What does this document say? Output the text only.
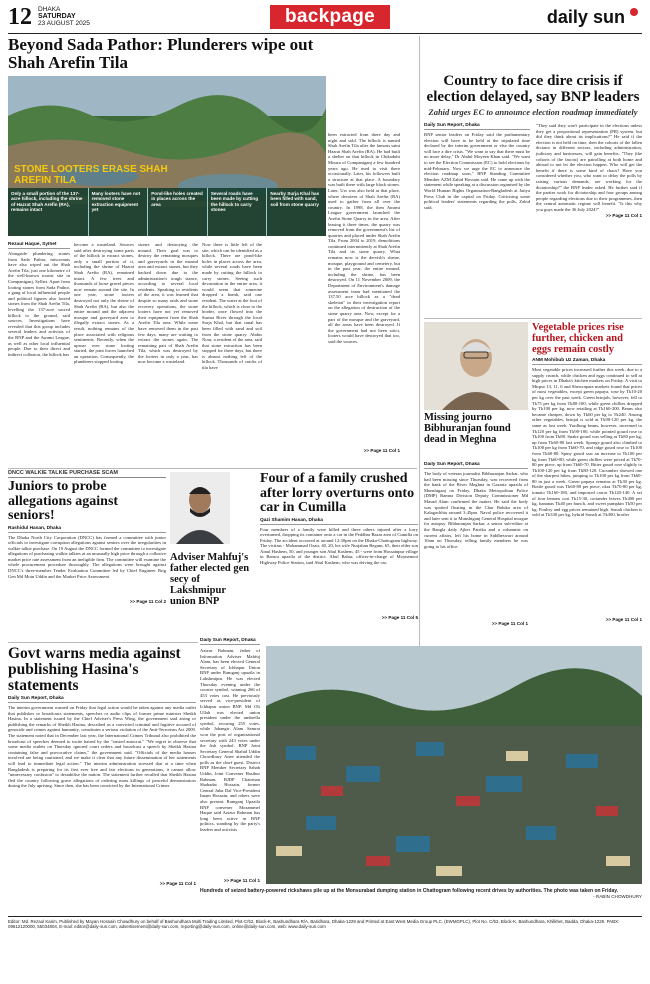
12 DHAKA
SATURDAY
23 AUGUST 2025	backpage	daily sun
Beyond Sada Pathor: Plunderers wipe out Shah Arefin Tila
STONE LOOTERS ERASE SHAH AREFIN TILA
Only a small portion of the 137-acre hillock, including the shrine of Hazrat Shah Arefin (RA), remains intact
Many looters have not removed stone extraction equipment yet
Pond-like holes created in places across the area
Several roads have been made by cutting the hillock to carry stones
Nearby Surja Khal has been filled with sand, soil from stone quarry
Rezaul Haque, Sylhet
Alongside plundering stones from Sada Pathor, miscreants have also wiped out the Shah Arefin Tila, just one kilometre of the well-known tourist site in Companiganj, Sylhet. Apart from looting stones from Sada Pathor, a gang of local influential people and political figures also looted stones from the Shah Arefin Tila, levelling the 137-acre sacred hillock to the ground, said sources. Investigations have revealed that this group includes several leaders and activists of the BNP and the Awami League, as well as other local influential people. Due to their direct and indirect collusion, the hillock has
become a wasteland. Sources said after destroying some parts of the hillock to extract stones, only a small portion of it, including the shrine of Hazrat Shah Arefin (RA), remained intact. A few trees and thousands of loose gravel pieces now remain around the site. In one year, stone looters destroyed not only the shrine of Shah Arefin (RA), but also the entire mound and the adjacent mosque and graveyard area to illegally extract stones. As a result, nothing remains of the place associated with religious sentiments. Recently, when the uproar over stone looting started, the joint forces launched an operation. Consequently, the plunderers stopped looting
stones and destroying the mound. Their goal was to destroy the remaining mosques and graveyards in the mound area and extract stones, but they backed down due to the administration's tough stance, according to several local residents. Speaking to residents of the area, it was learned that despite so many raids and stone recovery operations, the stone looters have not yet removed their equipment from the Shah Arefin Tila area. While some have removed them in the past few days, many are waiting to extract the stones again. The remaining part of Shah Arefin Tila, which was destroyed by the looters in only a year, has now become a wasteland.
Now there is little left of the site, which can be identified as a hillock. There are pond-like holes in places across the area, while several roads have been made by cutting the hillock to carry stones. Seeing such devastation in the entire area, it would seem that someone dropped a bomb, said one resident. The water at the foot of the hillock, which is close to the border, once flowed into the Surma River through the local Surja Khal, but that canal has been filled with sand and soil from the stone quarry. Abdus Nour, a resident of the area, said that stone extraction has been stopped for three days, but there is almost nothing left of the hillock. Thousands of cracks of tila have
been extracted from there day and night and sold. The hillock is named Shah Arefin Tila after the famous saint Hazrat Shah Arefin (RA). He had built a shelter on that hillock in Chikadubi Mouza of Companiganj a few hundred years ago. He used to visit there occasionally. Later, his followers built a structure at that place. A boundary was built there with large black stones. Later, Urs was also held at that place, where devotees of Shah Arefin (RA) used to gather from all over the country. In 1998, the then Awami League government launched the Arefin Stone Quarry in the area. After leasing it three times, the quarry was removed from the government's list of quarries and placed under Shah Arefin Tila. From 2004 to 2019, demolitions continued intermittently at Shah Arefin Tila and its stone quarry. What remains now is the dervish's shrine, mosque, playground and cemetery, but in the past year, the entire mound, including the shrine, has been destroyed. On 11 November 2009, the Department of Environment's damage assessment team had mentioned the 137.50 acre hillock as a "dead skeleton" in their investigation report on the allegation of destruction of the stone quarry area. Now, except for a part of the mosque and the graveyard, all the areas have been destroyed. If the government had not been strict, looters would have destroyed that too, said the sources.
>> Page 11 Col 1
Country to face dire crisis if election delayed, say BNP leaders
Zahid urges EC to announce election roadmap immediately
Daily Sun Report, Dhaka
BNP senior leaders on Friday said the parliamentary election will have to be held at the stipulated time declared by the interim government or else the country will face a dire crisis. "We want to say that there must be no more delay," Dr Abdul Moyeen Khan said. "We want to see the Election Commission (EC) to hold elections by mid-February. Now we urge the EC to announce the election roadmap soon," BNP Standing Committee Member AZM Zahid Hossain said. He came up with the statement while speaking at a discussion organised by the World Human Rights Organisation-Bangladesh at Jatiya Press Club in the capital on Friday. Criticising some political leaders' statements regarding the polls, Zahid said,
"They said they won't participate in the elections unless they get a proportional representation (PR) system, but did they think about its implications?" He said if the election is not held on time, then the cohorts of the fallen dictator in different sectors, including administration, judiciary and businesses, will gain benefits. "They (the cohorts of the fascist) are patrolling at both home and abroad to not let the election happen. Who will get the benefit if there is some kind of chaos? Have you considered whether you, who want to delay the polls by raising various demands, are working for the dictatorship?" the BNP leader asked. He further said if the parties work for dictatorship and four groups among people regarding elections due to their programmes, then the central automatic regime will benefit. "Is this why you guys made the 36 July 2024?"
>> Page 11 Col 1
Missing journo Bibhuranjan found dead in Meghna
Daily Sun Report, Dhaka
The body of veteran journalist Bibhuranjan Sarkar, who had been missing since Thursday, was recovered from the bank of the River Meghna in Gazaria upazila of Munshiganj on Friday. Dhaka Metropolitan Police (DMP) Ramna Division Deputy Commissioner Md Masud Alam confirmed the matter. He said the body was spotted floating in the Char Baluka area of Kalagachhia around 3.45pm. Naval police recovered it and later sent it to Munshiganj General Hospital morgue for autopsy. Bibhuranjan Sarkar, a senior sub-editor at the Bangla daily Ajker Patrika and a columnist on current affairs, left his home in Siddheswari around 10am on Thursday, telling family members he was going to his office.
>> Page 11 Col 1
Vegetable prices rise further, chicken and eggs remain costly
ANM Mohibub Uz Zaman, Dhaka
Most vegetable prices increased further this week, due to a supply crunch, while chicken and eggs continued to sell at high prices in Dhaka's kitchen markets on Friday. A visit to Mirpur 13, 11, 6 and Shewrapara markets found that prices of most vegetables, except green papaya, rose by Tk10-20 per kg over the past week. Green brinjals, however, fell to Tk75 per kg from Tk80-100, while green chillies dropped by Tk100 per kg, now retailing at Tk160-200. Beans also became cheaper, down by Tk60 per kg to Tk240. Among other vegetables, brinjal is sold at Tk90-120 per kg, the same as last week. Yardlong beans, however, increased to Tk120 per kg from Tk90-100, while pointed gourd rose to Tk100 from Tk80. Snake gourd was selling at Tk80 per kg, up from Tk60-80 last week. Sponge gourd also climbed to Tk100 per kg from Tk60-70, and ridge gourd rose to Tk100 from Tk60-80. Spiny gourd saw an increase to Tk100 per kg from Tk60-80, while green chillies were priced at Tk70-80 per piece, up from Tk60-70. Bitter gourd rose slightly to Tk100-120 per kg from Tk80-120. Cucumber showed one of the sharpest hikes, jumping to Tk100 per kg from Tk60-80 in just a week. Green papaya remains at Tk30 per kg. Bottle gourd was Tk60-80 per piece, okra Tk70-80 per kg, tomato Tk160-180, and imported carrot Tk120-140. A set of four lemons cost Tk15-30, coriander leaves Tk400 per kg, bananas Tk40 per bunch, and sweet pumpkin Tk50 per kg. Poultry and egg prices remained high. Sonali chicken is sold at Tk330 per kg, hybrid Sonali at Tk300, broiler
>> Page 11 Col 1
DNCC WALKIE TALKIE PURCHASE SCAM
Juniors to probe allegations against seniors!
Rashidul Hasan, Dhaka
The Dhaka North City Corporation (DNCC) has formed a committee with junior officials to investigate corruption allegations against seniors over the irregularities in walkie talkie purchase. On 19 August the DNCC formed the committee to investigate allegations of purchasing walkie talkies at an unusually high price through a collusive market price rate assessment from an ineligible firm. The committee will examine the whole procurement procedure thoroughly. The allegations were brought against DNCC's three-member Tender Evaluation Committee led by Chief Engineer Brig Gen Md Moin Uddin and the Market Price Assessment
>> Page 11 Col 2
Adviser Mahfuj's father elected gen secy of Lakshmipur union BNP
Daily Sun Report, Dhaka
Azizur Rahman, father of Information Adviser Mahfuj Alam, has been elected General Secretary of Ichhapur Union BNP under Ramganj upazila in Lakshmipur. He was elected Thursday evening under the cooster symbol, winning 266 of 453 votes cast. He previously served as vice-president of Ichhapur union BNP. Md Oli Ullah was elected union president under the umbrella symbol, securing 255 votes, while Jahangir Alam Samrat won the post of organisational secretary with 243 votes under the fish symbol. BNP Joint Secretary General Shahid Uddin Chowdhury Anee attended the polls as the chief guest. District BNP Member Secretary Sahab Uddin, Joint Convener Hasibur Rahman, BJDP Chairman Shahadat Hossain, former Central Juba Dal Vice-President Imam Hossain, and others were also present. Ramganj Upazila BNP convener Mozammel Haque said Azizur Rahman has long been active in BNP politics, standing by the party's leaders and activists
>> Page 11 Col 1
Four of a family crushed after lorry overturns onto car in Cumilla
Qazi Shamim Hasan, Dhaka
Four members of a family were killed and three others injured after a lorry overturned, dropping its container onto a car in the Peddhar Bazar area of Cumilla on Friday. The accident occurred at around 12:30pm on the Dhaka-Chattogram highway. The victims - Mohammad Ozair, 40, 20, his wife Nurjahan Begum, 65, their elder son Ainul Hashem, 50, and younger son Abul Kashem, 45 - were from Hossainpur village in Barura upazila of the district. Abul Bahar, officer-in-charge of Moynamoti Highway Police Station, said Abul Kashem, who was driving the car,
>> Page 11 Col 5
Govt warns media against publishing Hasina's statements
Daily Sun Report, Dhaka
The interim government warned on Friday that legal action would be taken against any media outlet that publishes or broadcasts statements, speeches or audio clips of former prime minister Sheikh Hasina. In a statement issued by the Chief Adviser's Press Wing, the government said airing or publishing the remarks of Sheikh Hasina, described as a convicted criminal and fugitive accused of genocide and crimes against humanity, constitutes a serious violation of the Anti-Terrorism Act 2009. The statement noted that in December last year, the International Crimes Tribunal also prohibited the broadcast of speeches deemed to incite hatred by the "ousted autocrat." "We regret to observe that some media outlets on Thursday ignored court orders and broadcast a speech by Sheikh Hasina containing false and provocative claims," the government said. "Officials of the media houses involved are being cautioned, and we make it clear that any future dissemination of her statements will lead to immediate legal action." The interim administration stressed that at a time when Bangladesh is preparing for its first ever free and fair elections in generations, it cannot allow "unnecessary confusion" to destabilise the nation. The statement further recalled that Sheikh Hasina fled the country following grave allegations of ordering mass killings of peaceful demonstrators during the July uprising. Since then, she has been convicted by the International Crimes
>> Page 11 Col 1
Hundreds of seized battery-powered rickshaws pile up at the Monsurabad dumping station in Chattogram following recent drives by authorities. The photo was taken on Friday.
- RABIN CHOWDHURY
Editor: Md. Rezaul Karim, Published by Mayan Hossain Chowdhury on behalf of Bashundhara Multi Trading Limited, Plot-C/52, Block-K, Bashundhara R/A, Baridhara, Dhaka-1229 and Printed at East West Media Group PLC. (EWMGPLC), Plot No. C/52, Block-K, Bashundhara, Khilkhet, Badda, Dhaka-1229. PABX: 09612120000, 55034804, E-mail: editor@daily-sun.com, advertisement@daily-sun.com, reporting@daily-sun.com, online@daily-sun.com, web: www.daily-sun.com
